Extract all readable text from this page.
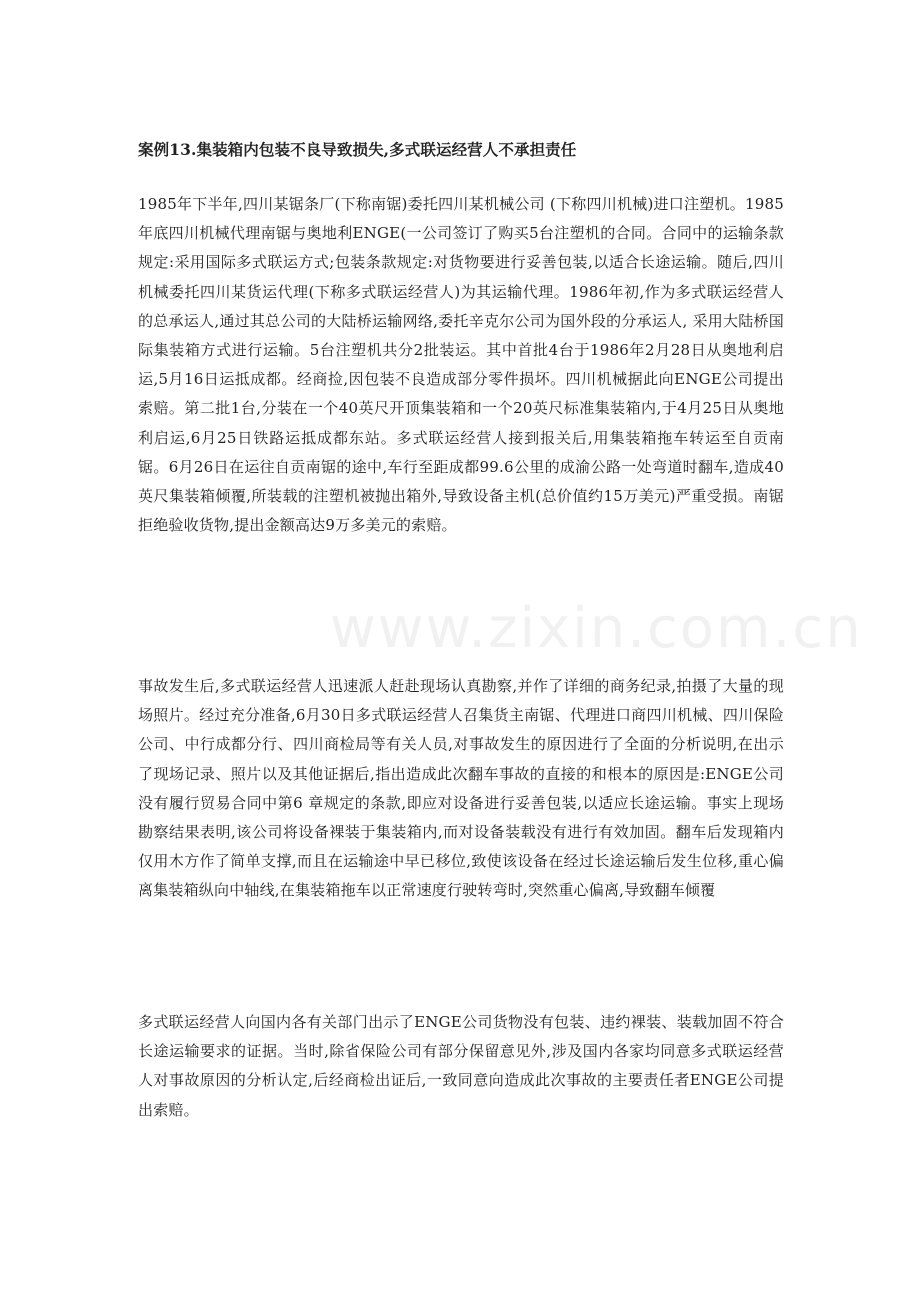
案例13.集装箱内包装不良导致损失,多式联运经营人不承担责任
1985年下半年,四川某锯条厂(下称南锯)委托四川某机械公司 (下称四川机械)进口注塑机。1985年底四川机械代理南锯与奥地利ENGE(一公司签订了购买5台注塑机的合同。合同中的运输条款规定:采用国际多式联运方式;包装条款规定:对货物要进行妥善包装,以适合长途运输。随后,四川机械委托四川某货运代理(下称多式联运经营人)为其运输代理。1986年初,作为多式联运经营人的总承运人,通过其总公司的大陆桥运输网络,委托辛克尔公司为国外段的分承运人, 采用大陆桥国际集装箱方式进行运输。5台注塑机共分2批装运。其中首批4台于1986年2月28日从奥地利启运,5月16日运抵成都。经商捡,因包装不良造成部分零件损坏。四川机械据此向ENGE公司提出索赔。第二批1台,分装在一个40英尺开顶集装箱和一个20英尺标准集装箱内,于4月25日从奥地利启运,6月25日铁路运抵成都东站。多式联运经营人接到报关后,用集装箱拖车转运至自贡南锯。6月26日在运往自贡南锯的途中,车行至距成都99.6公里的成渝公路一处弯道时翻车,造成40英尺集装箱倾覆,所装载的注塑机被抛出箱外,导致设备主机(总价值约15万美元)严重受损。南锯拒绝验收货物,提出金额高达9万多美元的索赔。
事故发生后,多式联运经营人迅速派人赶赴现场认真勘察,并作了详细的商务纪录,拍摄了大量的现场照片。经过充分准备,6月30日多式联运经营人召集货主南锯、代理进口商四川机械、四川保险公司、中行成都分行、四川商检局等有关人员,对事故发生的原因进行了全面的分析说明,在出示了现场记录、照片以及其他证据后,指出造成此次翻车事故的直接的和根本的原因是:ENGE公司没有履行贸易合同中第6 章规定的条款,即应对设备进行妥善包装,以适应长途运输。事实上现场勘察结果表明,该公司将设备裸装于集装箱内,而对设备装载没有进行有效加固。翻车后发现箱内仅用木方作了简单支撑,而且在运输途中早已移位,致使该设备在经过长途运输后发生位移,重心偏离集装箱纵向中轴线,在集装箱拖车以正常速度行驶转弯时,突然重心偏离,导致翻车倾覆
多式联运经营人向国内各有关部门出示了ENGE公司货物没有包装、违约裸装、装载加固不符合长途运输要求的证据。当时,除省保险公司有部分保留意见外,涉及国内各家均同意多式联运经营人对事故原因的分析认定,后经商检出证后,一致同意向造成此次事故的主要责任者ENGE公司提出索赔。
www.zixin.com.cn
